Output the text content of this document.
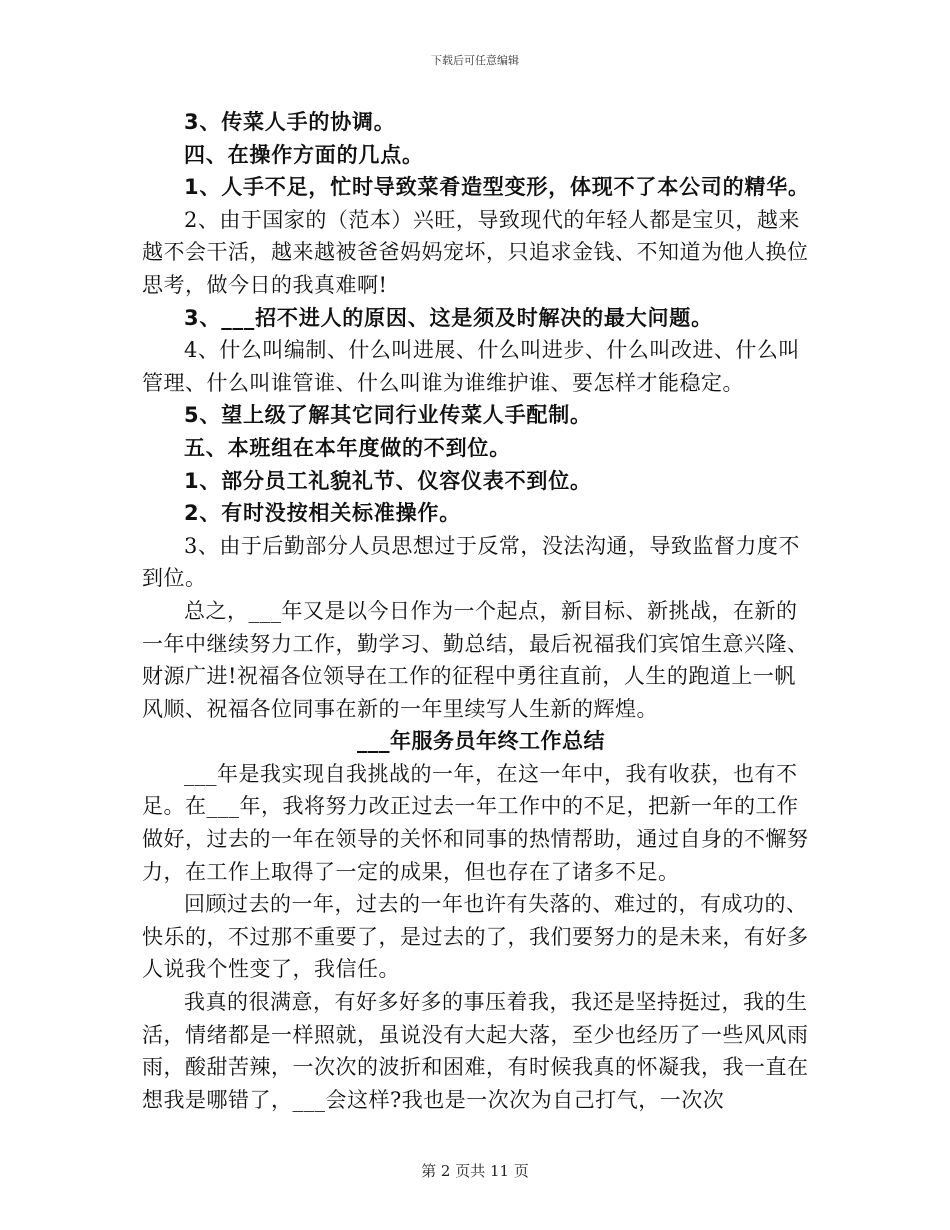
下载后可任意编辑

3、传菜人手的协调。

四、在操作方面的几点。

1、人手不足，忙时导致菜肴造型变形，体现不了本公司的精华。

2、由于国家的（范本）兴旺，导致现代的年轻人都是宝贝，越来越不会干活，越来越被爸爸妈妈宠坏，只追求金钱、不知道为他人换位思考，做今日的我真难啊!

3、___招不进人的原因、这是须及时解决的最大问题。

4、什么叫编制、什么叫进展、什么叫进步、什么叫改进、什么叫管理、什么叫谁管谁、什么叫谁为谁维护谁、要怎样才能稳定。

5、望上级了解其它同行业传菜人手配制。

五、本班组在本年度做的不到位。

1、部分员工礼貌礼节、仪容仪表不到位。

2、有时没按相关标准操作。

3、由于后勤部分人员思想过于反常，没法沟通，导致监督力度不到位。

总之，___年又是以今日作为一个起点，新目标、新挑战，在新的一年中继续努力工作，勤学习、勤总结，最后祝福我们宾馆生意兴隆、财源广进!祝福各位领导在工作的征程中勇往直前，人生的跑道上一帆风顺、祝福各位同事在新的一年里续写人生新的辉煌。

___年服务员年终工作总结

___年是我实现自我挑战的一年，在这一年中，我有收获，也有不足。在___年，我将努力改正过去一年工作中的不足，把新一年的工作做好，过去的一年在领导的关怀和同事的热情帮助，通过自身的不懈努力，在工作上取得了一定的成果，但也存在了诸多不足。

回顾过去的一年，过去的一年也许有失落的、难过的，有成功的、快乐的，不过那不重要了，是过去的了，我们要努力的是未来，有好多人说我个性变了，我信任。

我真的很满意，有好多好多的事压着我，我还是坚持挺过，我的生活，情绪都是一样照就，虽说没有大起大落，至少也经历了一些风风雨雨，酸甜苦辣，一次次的波折和困难，有时候我真的怀凝我，我一直在想我是哪错了，___会这样?我也是一次次为自己打气，一次次

第 2 页共 11 页
